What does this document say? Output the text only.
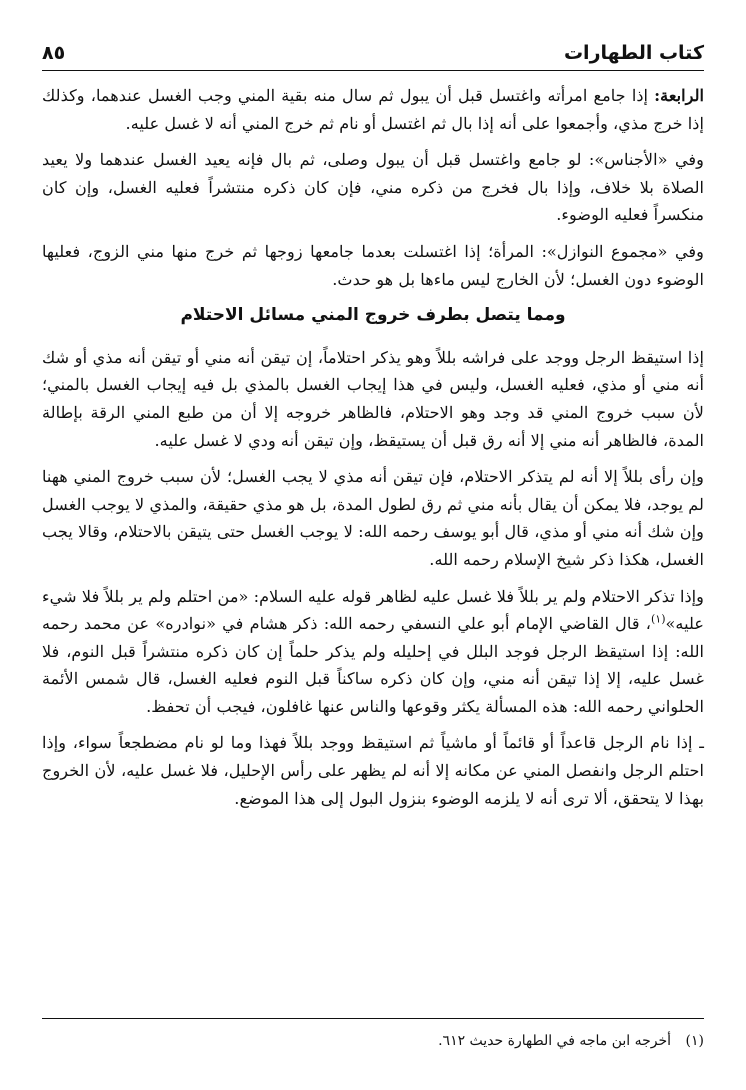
٨٥	كتاب الطهارات

الرابعة: إذا جامع امرأته واغتسل قبل أن يبول ثم سال منه بقية المني وجب الغسل عندهما، وكذلك إذا خرج مذي، وأجمعوا على أنه إذا بال ثم اغتسل أو نام ثم خرج المني أنه لا غسل عليه.

وفي «الأجناس»: لو جامع واغتسل قبل أن يبول وصلى، ثم بال فإنه يعيد الغسل عندهما ولا يعيد الصلاة بلا خلاف، وإذا بال فخرج من ذكره مني، فإن كان ذكره منتشراً فعليه الغسل، وإن كان منكسراً فعليه الوضوء.

وفي «مجموع النوازل»: المرأة؛ إذا اغتسلت بعدما جامعها زوجها ثم خرج منها مني الزوج، فعليها الوضوء دون الغسل؛ لأن الخارج ليس ماءها بل هو حدث.

ومما يتصل بطرف خروج المني مسائل الاحتلام

إذا استيقظ الرجل ووجد على فراشه بللاً وهو يذكر احتلاماً، إن تيقن أنه مني أو تيقن أنه مذي أو شك أنه مني أو مذي، فعليه الغسل، وليس في هذا إيجاب الغسل بالمذي بل فيه إيجاب الغسل بالمني؛ لأن سبب خروج المني قد وجد وهو الاحتلام، فالظاهر خروجه إلا أن من طبع المني الرقة بإطالة المدة، فالظاهر أنه مني إلا أنه رق قبل أن يستيقظ، وإن تيقن أنه ودي لا غسل عليه.

وإن رأى بللاً إلا أنه لم يتذكر الاحتلام، فإن تيقن أنه مذي لا يجب الغسل؛ لأن سبب خروج المني ههنا لم يوجد، فلا يمكن أن يقال بأنه مني ثم رق لطول المدة، بل هو مذي حقيقة، والمذي لا يوجب الغسل وإن شك أنه مني أو مذي، قال أبو يوسف رحمه الله: لا يوجب الغسل حتى يتيقن بالاحتلام، وقالا يجب الغسل، هكذا ذكر شيخ الإسلام رحمه الله.

وإذا تذكر الاحتلام ولم ير بللاً فلا غسل عليه لظاهر قوله عليه السلام: «من احتلم ولم ير بللاً فلا شيء عليه»$^{(١)}$، قال القاضي الإمام أبو علي النسفي رحمه الله: ذكر هشام في «نوادره» عن محمد رحمه الله: إذا استيقظ الرجل فوجد البلل في إحليله ولم يذكر حلماً إن كان ذكره منتشراً قبل النوم، فلا غسل عليه، إلا إذا تيقن أنه مني، وإن كان ذكره ساكناً قبل النوم فعليه الغسل، قال شمس الأئمة الحلواني رحمه الله: هذه المسألة يكثر وقوعها والناس عنها غافلون، فيجب أن تحفظ.

ـ إذا نام الرجل قاعداً أو قائماً أو ماشياً ثم استيقظ ووجد بللاً فهذا وما لو نام مضطجعاً سواء، وإذا احتلم الرجل وانفصل المني عن مكانه إلا أنه لم يظهر على رأس الإحليل، فلا غسل عليه، لأن الخروج بهذا لا يتحقق، ألا ترى أنه لا يلزمه الوضوء بنزول البول إلى هذا الموضع.

(١) أخرجه ابن ماجه في الطهارة حديث ٦١٢.
